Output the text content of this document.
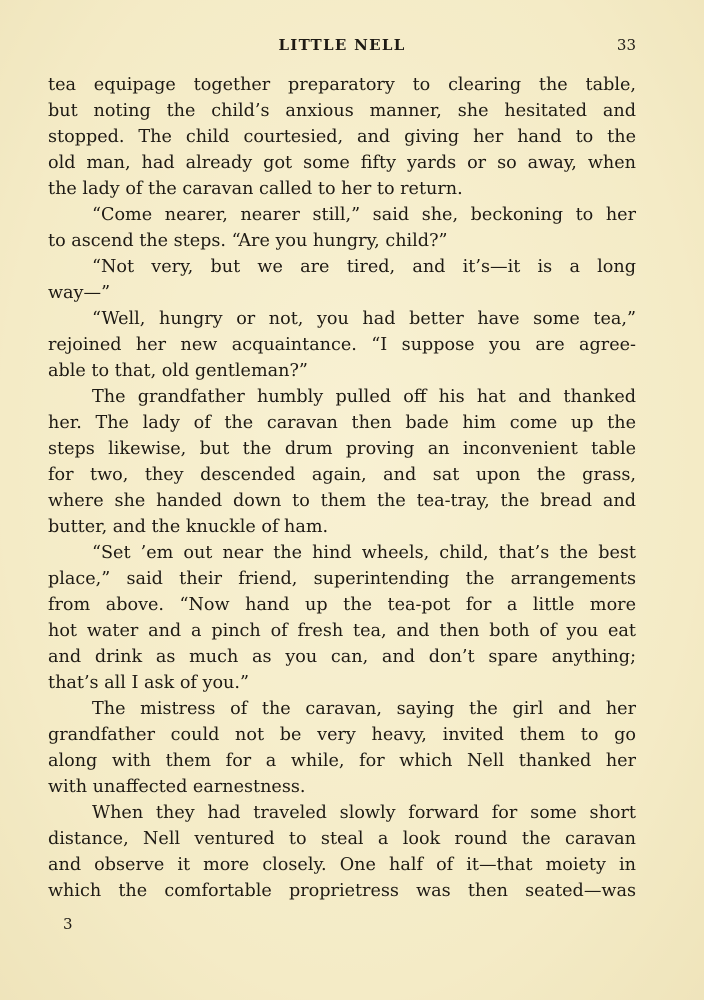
LITTLE NELL	33
tea equipage together preparatory to clearing the table,
but noting the child’s anxious manner, she hesitated and
stopped. The child courtesied, and giving her hand to the
old man, had already got some fifty yards or so away, when
the lady of the caravan called to her to return.
“Come nearer, nearer still,” said she, beckoning to her
to ascend the steps. “Are you hungry, child?”
“Not very, but we are tired, and it’s—it is a long
way—”
“Well, hungry or not, you had better have some tea,”
rejoined her new acquaintance. “I suppose you are agree-
able to that, old gentleman?”
The grandfather humbly pulled off his hat and thanked
her. The lady of the caravan then bade him come up the
steps likewise, but the drum proving an inconvenient table
for two, they descended again, and sat upon the grass,
where she handed down to them the tea-tray, the bread and
butter, and the knuckle of ham.
“Set ’em out near the hind wheels, child, that’s the best
place,” said their friend, superintending the arrangements
from above. “Now hand up the tea-pot for a little more
hot water and a pinch of fresh tea, and then both of you eat
and drink as much as you can, and don’t spare anything;
that’s all I ask of you.”
The mistress of the caravan, saying the girl and her
grandfather could not be very heavy, invited them to go
along with them for a while, for which Nell thanked her
with unaffected earnestness.
When they had traveled slowly forward for some short
distance, Nell ventured to steal a look round the caravan
and observe it more closely. One half of it—that moiety in
which the comfortable proprietress was then seated—was
3
